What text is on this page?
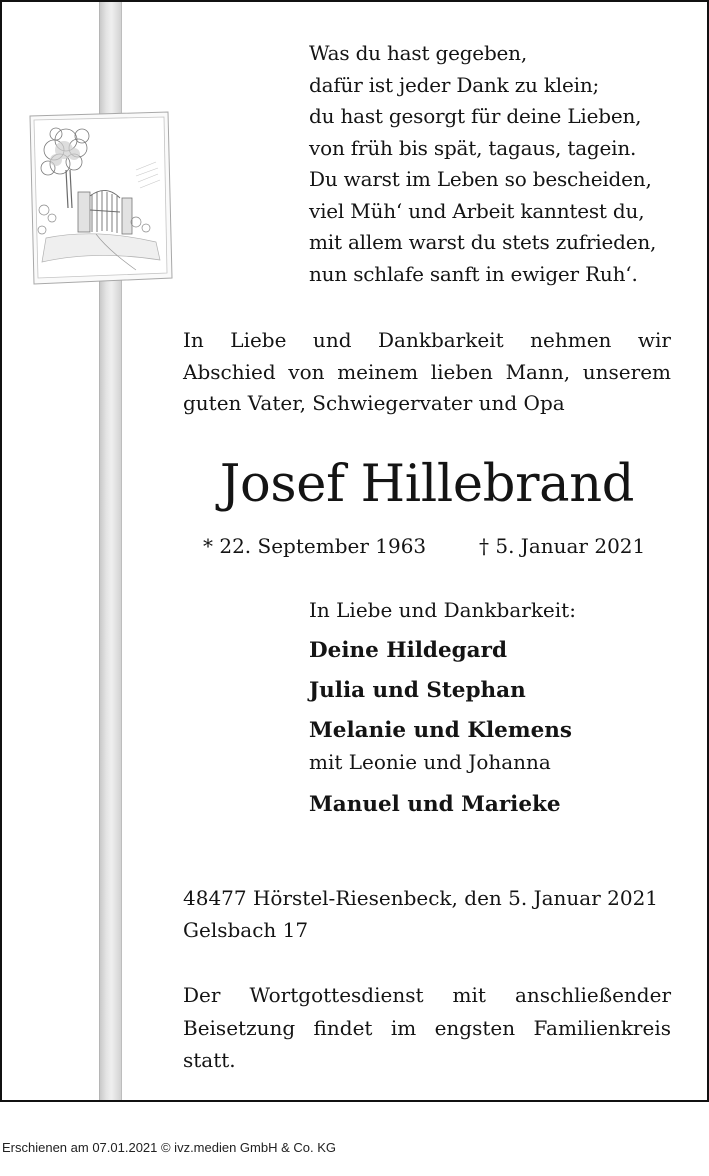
Was du hast gegeben,
dafür ist jeder Dank zu klein;
du hast gesorgt für deine Lieben,
von früh bis spät, tagaus, tagein.
Du warst im Leben so bescheiden,
viel Müh‘ und Arbeit kanntest du,
mit allem warst du stets zufrieden,
nun schlafe sanft in ewiger Ruh‘.
In Liebe und Dankbarkeit nehmen wir
Abschied von meinem lieben Mann, unserem
guten Vater, Schwiegervater und Opa
Josef Hillebrand
* 22. September 1963	† 5. Januar 2021
In Liebe und Dankbarkeit:
Deine Hildegard
Julia und Stephan
Melanie und Klemens
mit Leonie und Johanna
Manuel und Marieke
48477 Hörstel-Riesenbeck, den 5. Januar 2021
Gelsbach 17
Der Wortgottesdienst mit anschließender
Beisetzung findet im engsten Familienkreis
statt.
Erschienen am 07.01.2021 © ivz.medien GmbH & Co. KG
